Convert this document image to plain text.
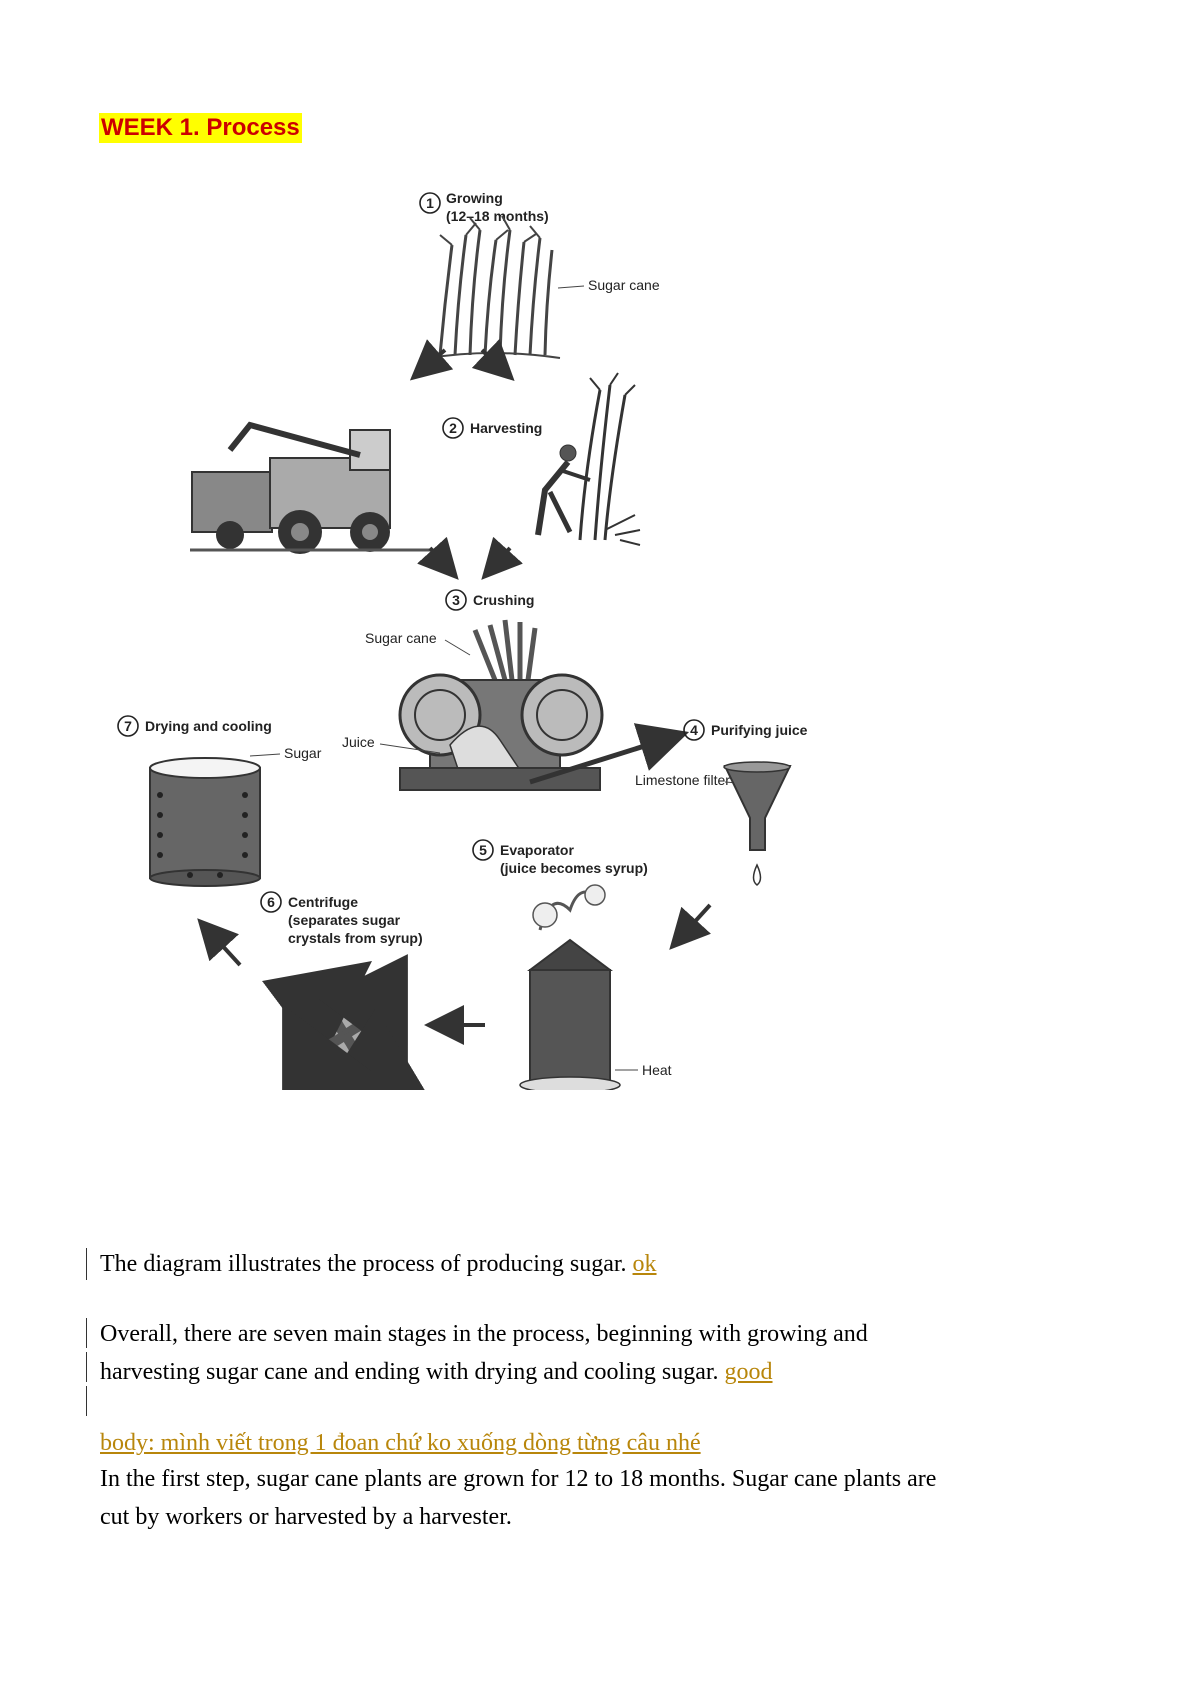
WEEK 1. Process
1 Growing
(12–18 months)
Sugar cane
2 Harvesting
3 Crushing
Sugar cane
Juice
4 Purifying juice
Limestone filter
5 Evaporator
(juice becomes syrup)
Heat
6 Centrifuge
(separates sugar
crystals from syrup)
7 Drying and cooling
Sugar

The diagram illustrates the process of producing sugar. ok

Overall, there are seven main stages in the process, beginning with growing and
harvesting sugar cane and ending with drying and cooling sugar. good

body: mình viết trong 1 đoan chứ ko xuống dòng từng câu nhé

In the first step, sugar cane plants are grown for 12 to 18 months. Sugar cane plants are
cut by workers or harvested by a harvester.
